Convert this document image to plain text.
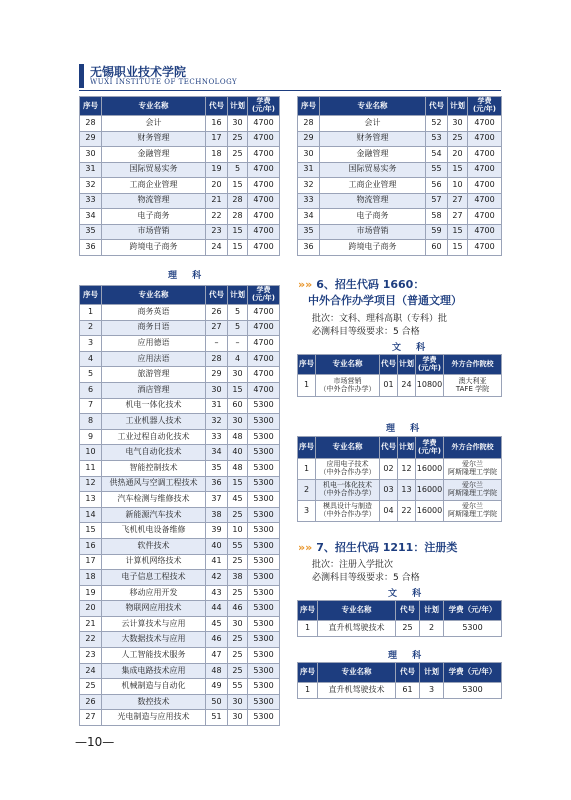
无锡职业技术学院
WUXI INSTITUTE OF TECHNOLOGY
序号	专业名称	代号	计划	学费
(元/年)
28	会计	16	30	4700
29	财务管理	17	25	4700
30	金融管理	18	25	4700
31	国际贸易实务	19	5	4700
32	工商企业管理	20	15	4700
33	物流管理	21	28	4700
34	电子商务	22	28	4700
35	市场营销	23	15	4700
36	跨境电子商务	24	15	4700
序号	专业名称	代号	计划	学费
(元/年)
28	会计	52	30	4700
29	财务管理	53	25	4700
30	金融管理	54	20	4700
31	国际贸易实务	55	15	4700
32	工商企业管理	56	10	4700
33	物流管理	57	27	4700
34	电子商务	58	27	4700
35	市场营销	59	15	4700
36	跨境电子商务	60	15	4700
理 科
序号	专业名称	代号	计划	学费
(元/年)
1	商务英语	26	5	4700
2	商务日语	27	5	4700
3	应用德语	–	–	4700
4	应用法语	28	4	4700
5	旅游管理	29	30	4700
6	酒店管理	30	15	4700
7	机电一体化技术	31	60	5300
8	工业机器人技术	32	30	5300
9	工业过程自动化技术	33	48	5300
10	电气自动化技术	34	40	5300
11	智能控制技术	35	48	5300
12	供热通风与空调工程技术	36	15	5300
13	汽车检测与维修技术	37	45	5300
14	新能源汽车技术	38	25	5300
15	飞机机电设备维修	39	10	5300
16	软件技术	40	55	5300
17	计算机网络技术	41	25	5300
18	电子信息工程技术	42	38	5300
19	移动应用开发	43	25	5300
20	物联网应用技术	44	46	5300
21	云计算技术与应用	45	30	5300
22	大数据技术与应用	46	25	5300
23	人工智能技术服务	47	25	5300
24	集成电路技术应用	48	25	5300
25	机械制造与自动化	49	55	5300
26	数控技术	50	30	5300
27	光电制造与应用技术	51	30	5300
»» 6、招生代码 1660：
中外合作办学项目（普通文理）
批次：文科、理科高职（专科）批
必测科目等级要求：5 合格
文 科
序号	专业名称	代号	计划	学费
(元/年)	外方合作院校
1	市场营销
（中外合作办学）	01	24	10800	澳大利亚
TAFE 学院
理 科
序号	专业名称	代号	计划	学费
(元/年)	外方合作院校
1	应用电子技术
（中外合作办学）	02	12	16000	爱尔兰
阿斯隆理工学院
2	机电一体化技术
（中外合作办学）	03	13	16000	爱尔兰
阿斯隆理工学院
3	模具设计与制造
（中外合作办学）	04	22	16000	爱尔兰
阿斯隆理工学院
»» 7、招生代码 1211：注册类
批次：注册入学批次
必测科目等级要求：5 合格
文 科
序号	专业名称	代号	计划	学费（元/年）
1	直升机驾驶技术	25	2	5300
理 科
序号	专业名称	代号	计划	学费（元/年）
1	直升机驾驶技术	61	3	5300
—10—
